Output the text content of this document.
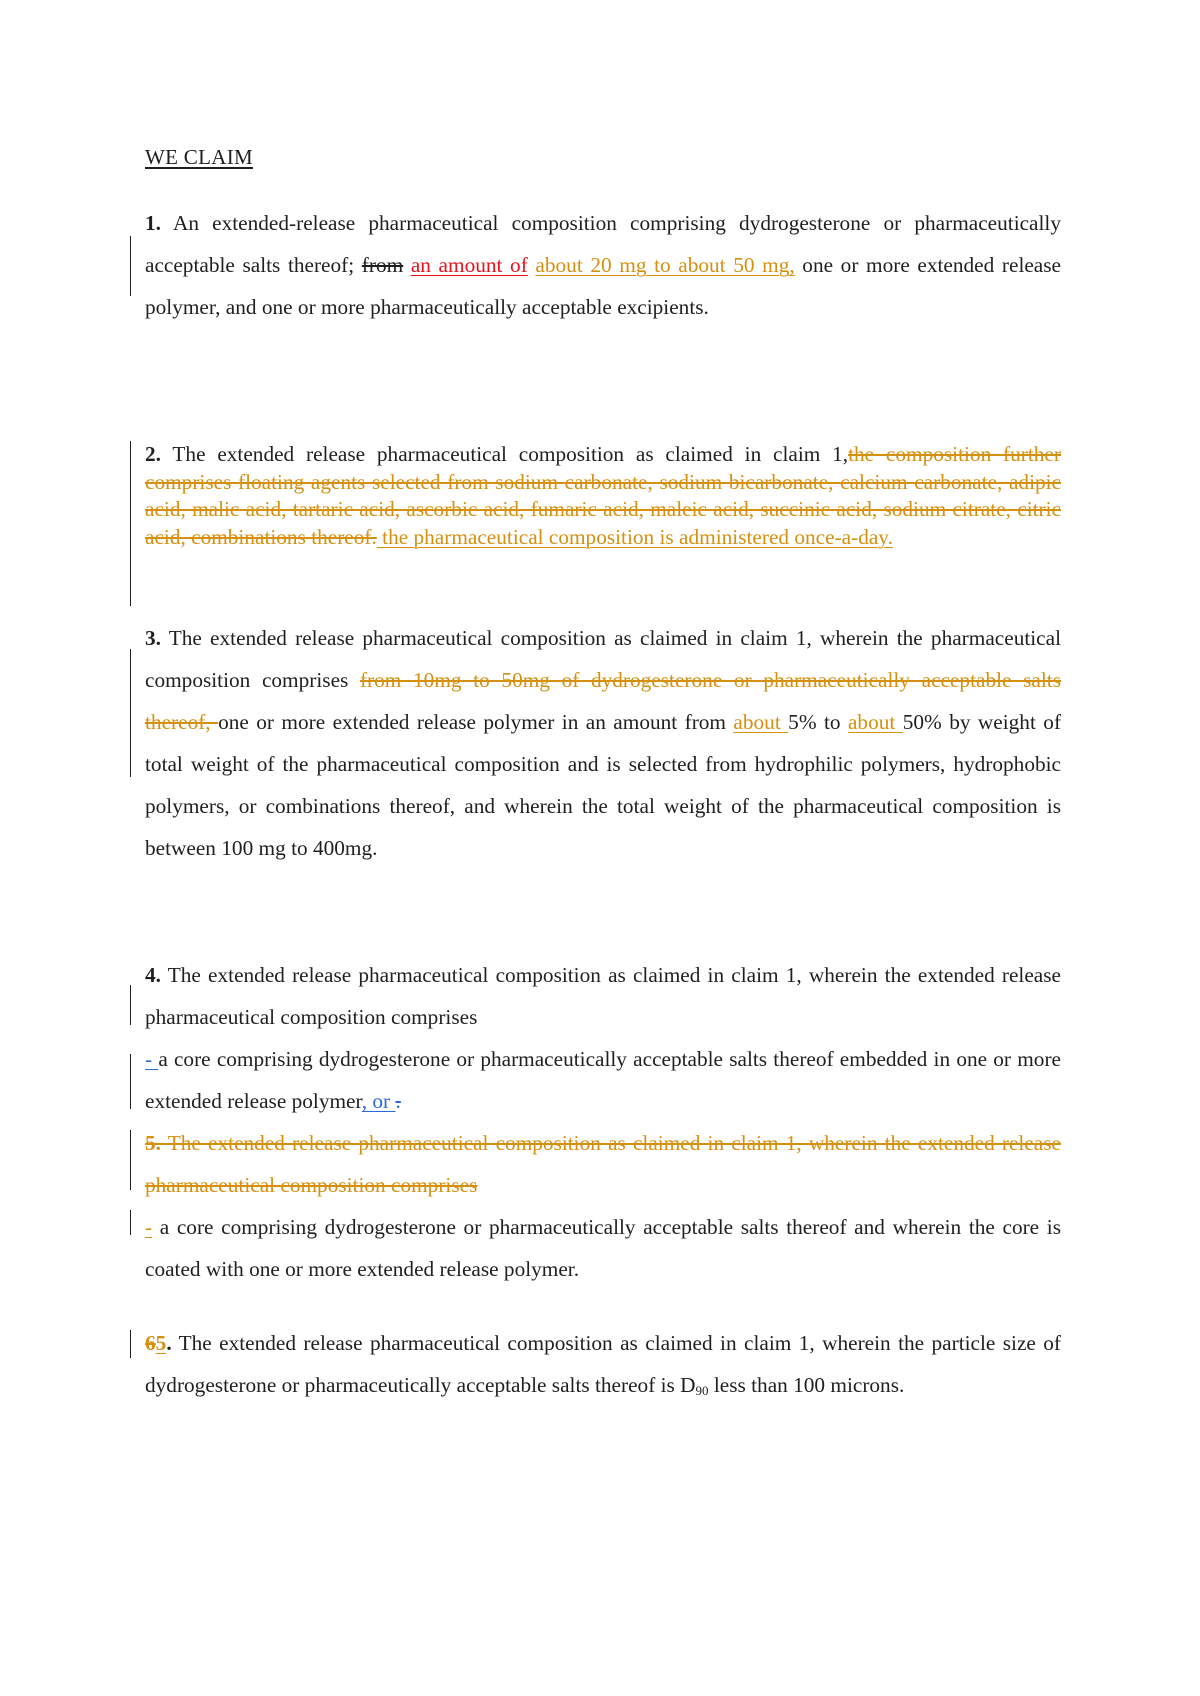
WE CLAIM

1. An extended-release pharmaceutical composition comprising dydrogesterone or pharmaceutically acceptable salts thereof; from an amount of about 20 mg to about 50 mg, one or more extended release polymer, and one or more pharmaceutically acceptable excipients.

2. The extended release pharmaceutical composition as claimed in claim 1,the composition further comprises floating agents selected from sodium carbonate, sodium bicarbonate, calcium carbonate, adipic acid, malic acid, tartaric acid, ascorbic acid, fumaric acid, maleic acid, succinic acid, sodium citrate, citric acid, combinations thereof. the pharmaceutical composition is administered once-a-day.

3. The extended release pharmaceutical composition as claimed in claim 1, wherein the pharmaceutical composition comprises from 10mg to 50mg of dydrogesterone or pharmaceutically acceptable salts thereof, one or more extended release polymer in an amount from about 5% to about 50% by weight of total weight of the pharmaceutical composition and is selected from hydrophilic polymers, hydrophobic polymers, or combinations thereof, and wherein the total weight of the pharmaceutical composition is between 100 mg to 400mg.

4. The extended release pharmaceutical composition as claimed in claim 1, wherein the extended release pharmaceutical composition comprises

- a core comprising dydrogesterone or pharmaceutically acceptable salts thereof embedded in one or more extended release polymer, or .

5. The extended release pharmaceutical composition as claimed in claim 1, wherein the extended release pharmaceutical composition comprises

- a core comprising dydrogesterone or pharmaceutically acceptable salts thereof and wherein the core is coated with one or more extended release polymer.

65. The extended release pharmaceutical composition as claimed in claim 1, wherein the particle size of dydrogesterone or pharmaceutically acceptable salts thereof is $D_{90}$ less than 100 microns.
